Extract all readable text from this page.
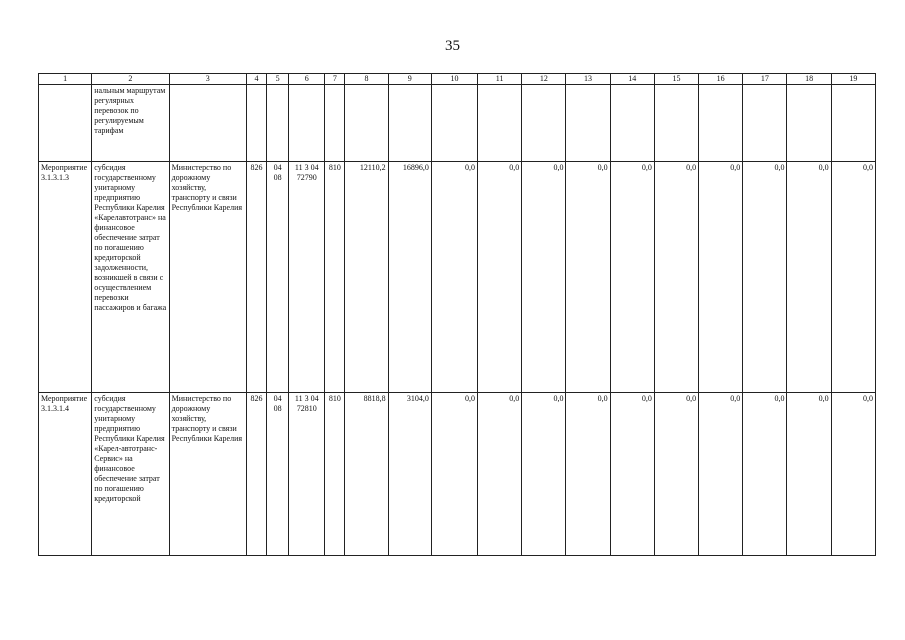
35
1	2	3	4	5	6	7	8	9	10	11	12	13	14	15	16	17	18	19
	нальным маршрутам регулярных перевозок по регулируемым тарифам																	
Мероприятие 3.1.3.1.3	субсидия государственному унитарному предприятию Республики Карелия «Карелавтотранс» на финансовое обеспечение затрат по погашению кредиторской задолженности, возникшей в связи с осуществлением перевозки пассажиров и багажа	Министерство по дорожному хозяйству, транспорту и связи Республики Карелия	826	04 08	11 3 04 72790	810	12110,2	16896,0	0,0	0,0	0,0	0,0	0,0	0,0	0,0	0,0	0,0	0,0
Мероприятие 3.1.3.1.4	субсидия государственному унитарному предприятию Республики Карелия «Карел-автотранс-Сервис» на финансовое обеспечение затрат по погашению кредиторской	Министерство по дорожному хозяйству, транспорту и связи Республики Карелия	826	04 08	11 3 04 72810	810	8818,8	3104,0	0,0	0,0	0,0	0,0	0,0	0,0	0,0	0,0	0,0	0,0
